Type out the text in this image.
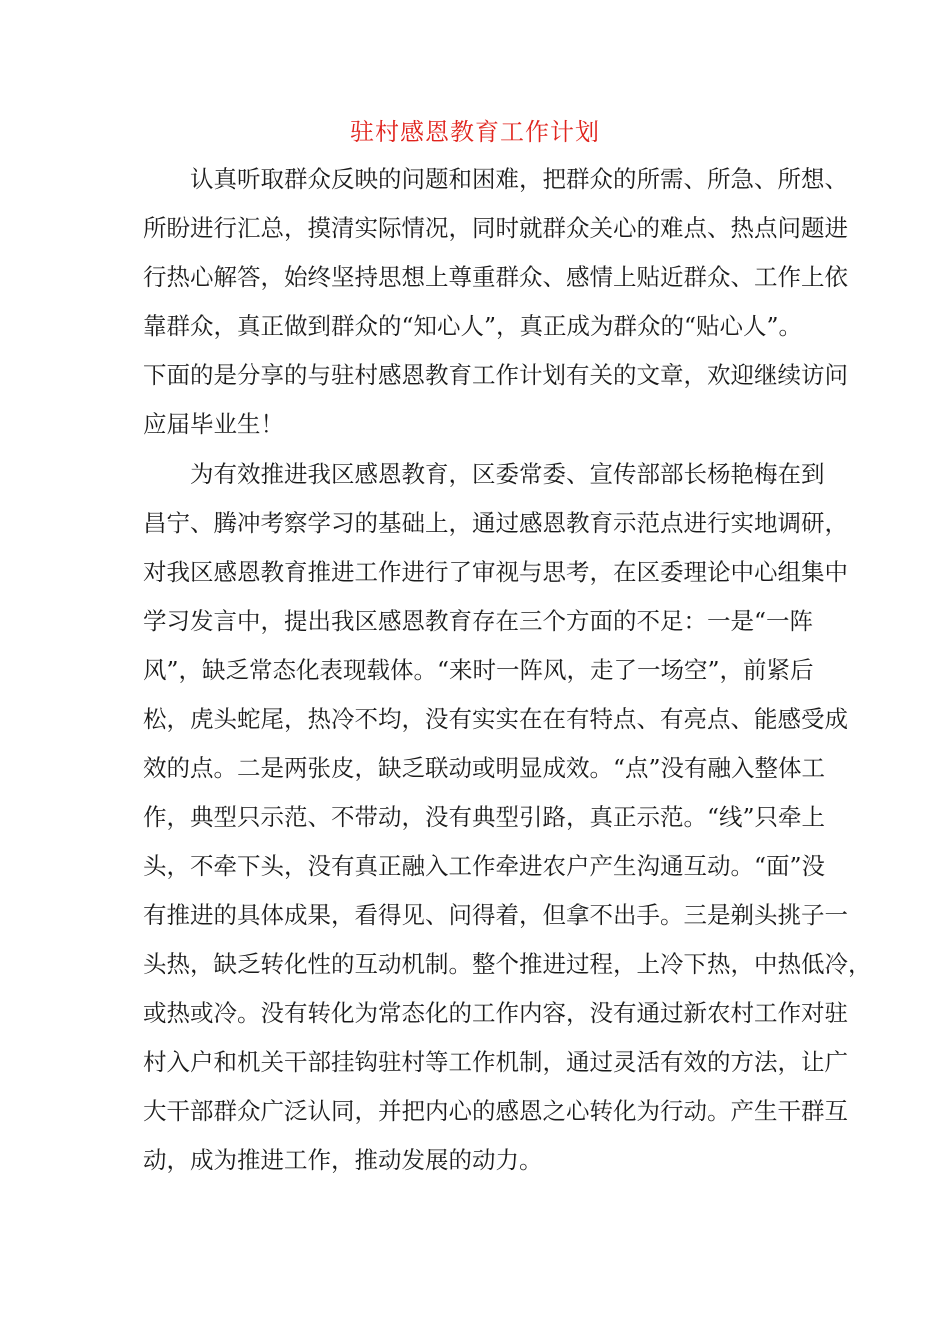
驻村感恩教育工作计划
　　认真听取群众反映的问题和困难，把群众的所需、所急、所想、
所盼进行汇总，摸清实际情况，同时就群众关心的难点、热点问题进
行热心解答，始终坚持思想上尊重群众、感情上贴近群众、工作上依
靠群众，真正做到群众的“知心人”，真正成为群众的“贴心人”。
下面的是分享的与驻村感恩教育工作计划有关的文章，欢迎继续访问
应届毕业生！
　　为有效推进我区感恩教育，区委常委、宣传部部长杨艳梅在到
昌宁、腾冲考察学习的基础上，通过感恩教育示范点进行实地调研，
对我区感恩教育推进工作进行了审视与思考，在区委理论中心组集中
学习发言中，提出我区感恩教育存在三个方面的不足：一是“一阵
风”，缺乏常态化表现载体。“来时一阵风，走了一场空”，前紧后
松，虎头蛇尾，热冷不均，没有实实在在有特点、有亮点、能感受成
效的点。二是两张皮，缺乏联动或明显成效。“点”没有融入整体工
作，典型只示范、不带动，没有典型引路，真正示范。“线”只牵上
头，不牵下头，没有真正融入工作牵进农户产生沟通互动。“面”没
有推进的具体成果，看得见、问得着，但拿不出手。三是剃头挑子一
头热，缺乏转化性的互动机制。整个推进过程，上冷下热，中热低冷，
或热或冷。没有转化为常态化的工作内容，没有通过新农村工作对驻
村入户和机关干部挂钩驻村等工作机制，通过灵活有效的方法，让广
大干部群众广泛认同，并把内心的感恩之心转化为行动。产生干群互
动，成为推进工作，推动发展的动力。
